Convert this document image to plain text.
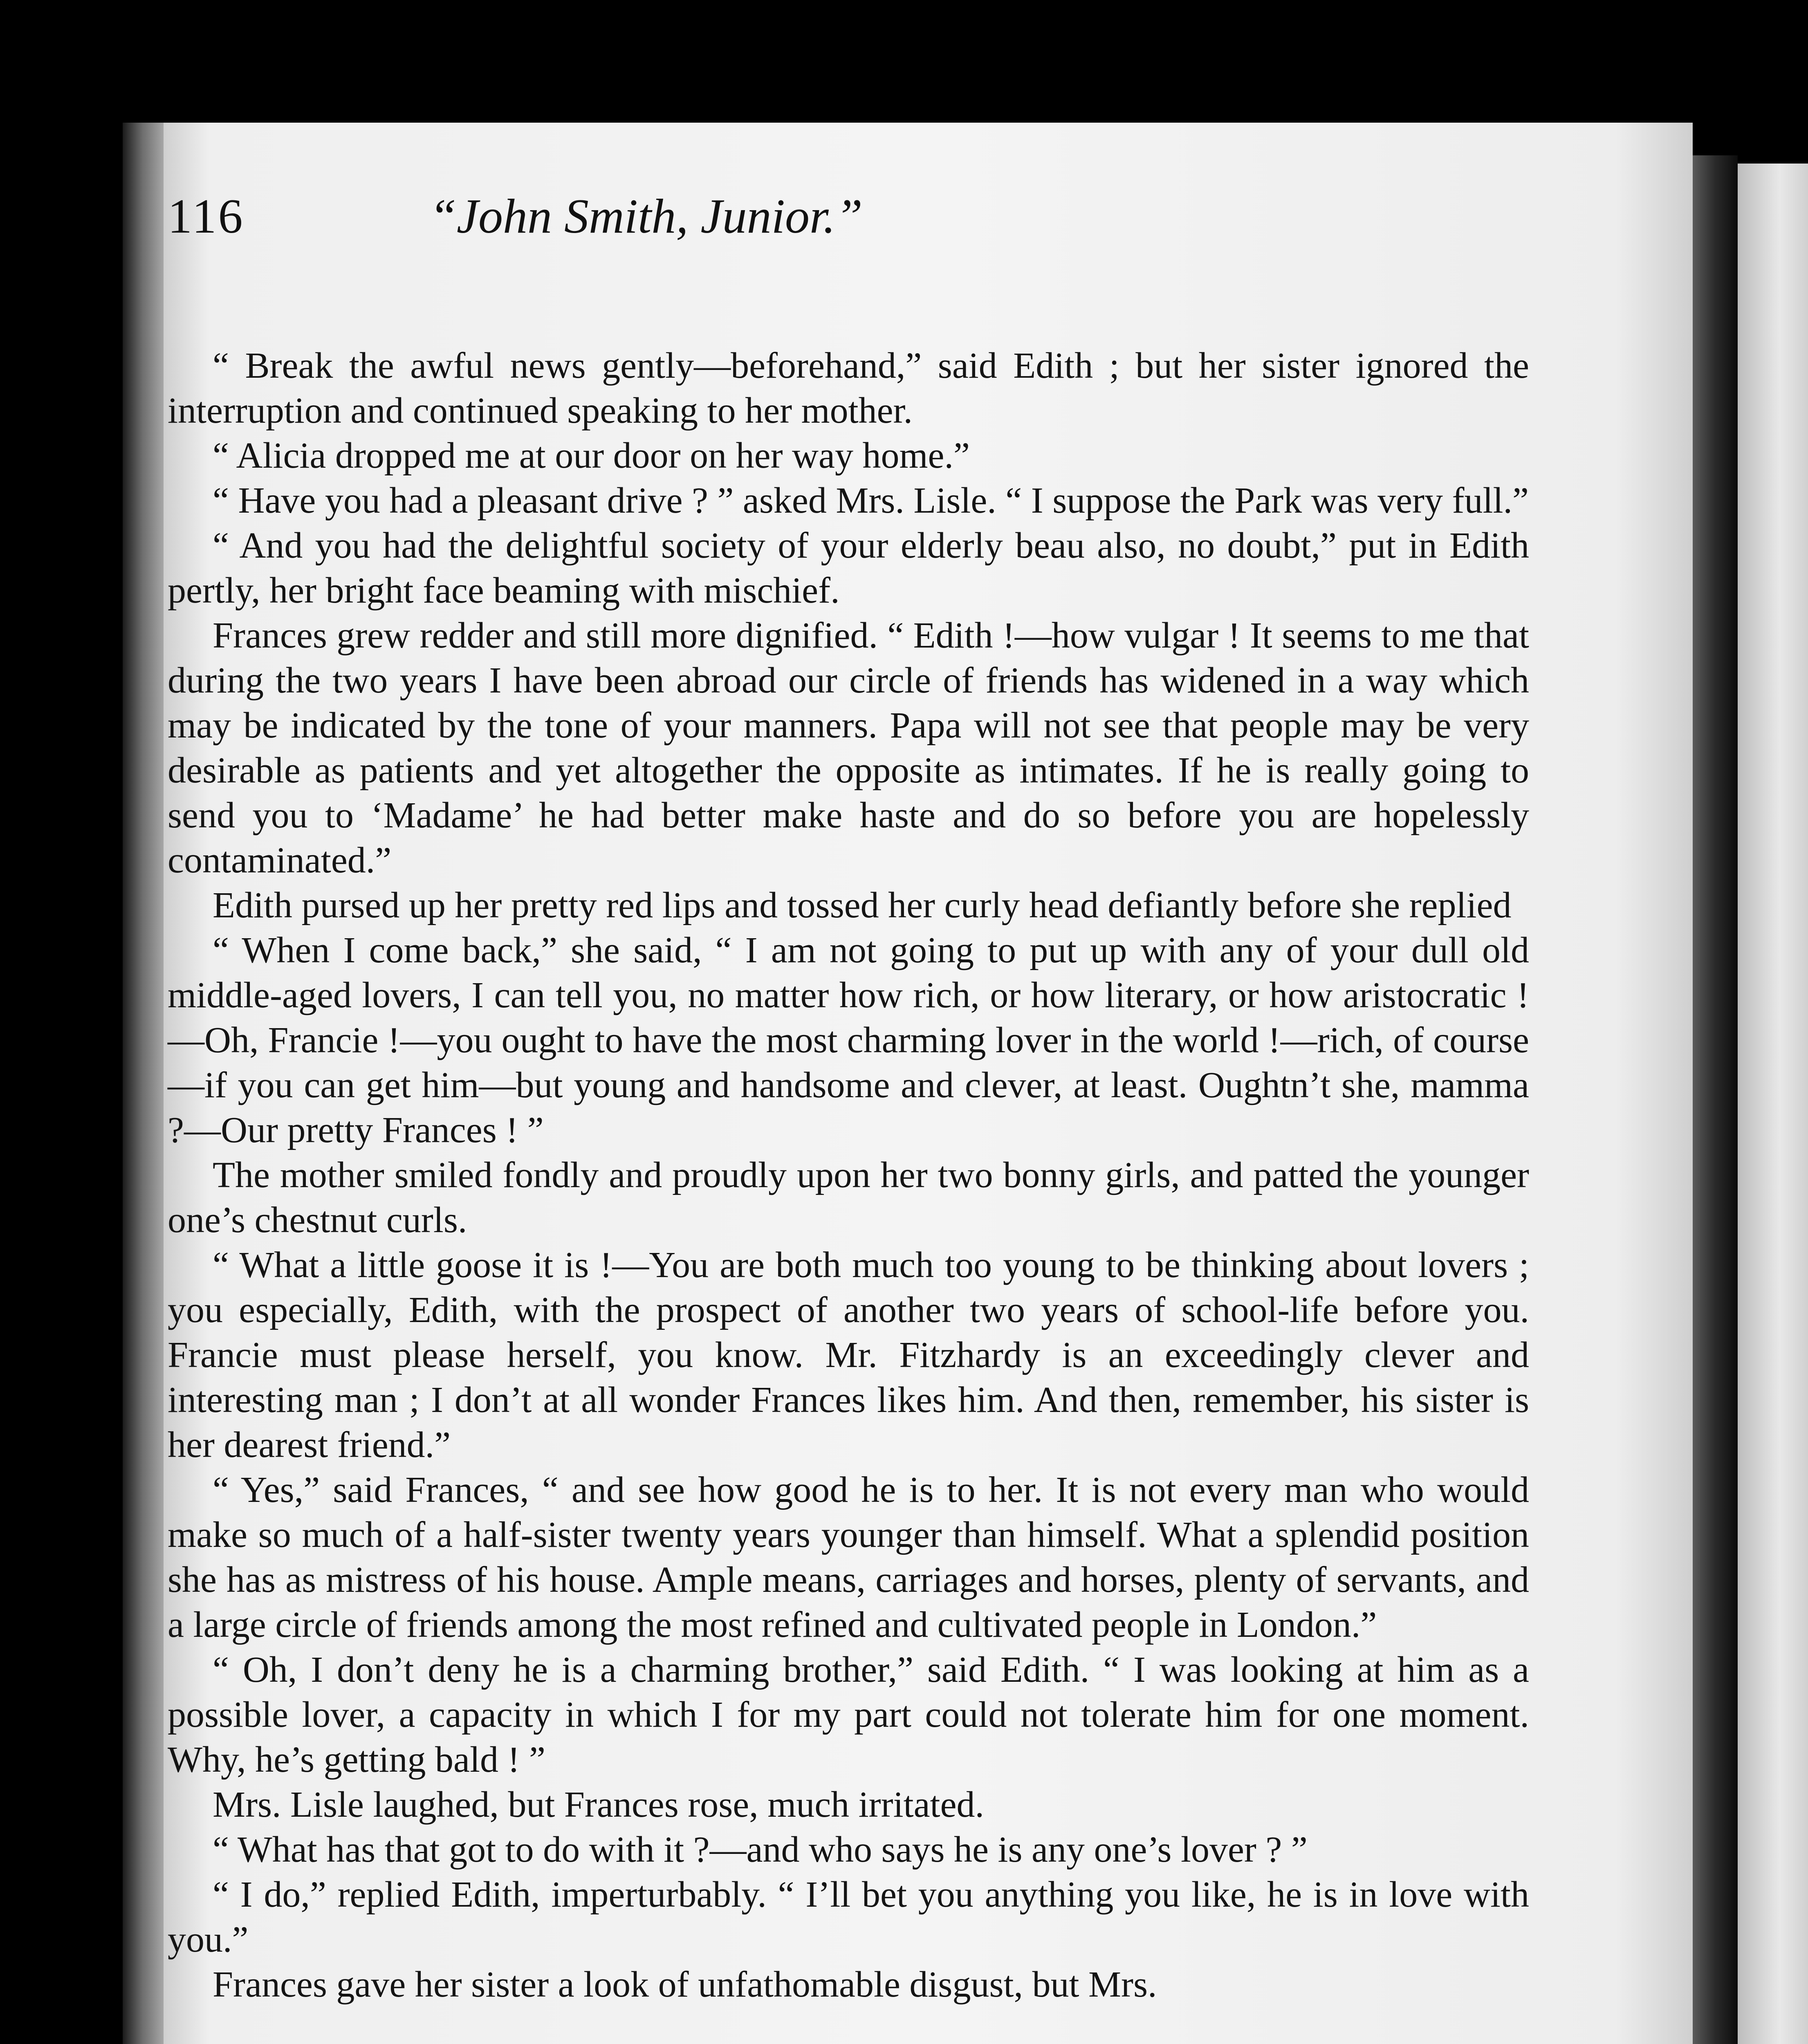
116	“John Smith, Junior.”

“ Break the awful news gently—beforehand,” said Edith ; but her sister ignored the interruption and continued speaking to her mother.

“ Alicia dropped me at our door on her way home.”

“ Have you had a pleasant drive ? ” asked Mrs. Lisle. “ I suppose the Park was very full.”

“ And you had the delightful society of your elderly beau also, no doubt,” put in Edith pertly, her bright face beaming with mischief.

Frances grew redder and still more dignified. “ Edith !—how vulgar ! It seems to me that during the two years I have been abroad our circle of friends has widened in a way which may be indicated by the tone of your manners. Papa will not see that people may be very desirable as patients and yet altogether the opposite as intimates. If he is really going to send you to ‘Madame’ he had better make haste and do so before you are hopelessly contaminated.”

Edith pursed up her pretty red lips and tossed her curly head defiantly before she replied

“ When I come back,” she said, “ I am not going to put up with any of your dull old middle-aged lovers, I can tell you, no matter how rich, or how literary, or how aristocratic !—Oh, Francie !—you ought to have the most charming lover in the world !—rich, of course—if you can get him—but young and handsome and clever, at least. Oughtn’t she, mamma ?—Our pretty Frances ! ”

The mother smiled fondly and proudly upon her two bonny girls, and patted the younger one’s chestnut curls.

“ What a little goose it is !—You are both much too young to be thinking about lovers ; you especially, Edith, with the prospect of another two years of school-life before you. Francie must please herself, you know. Mr. Fitzhardy is an exceedingly clever and interesting man ; I don’t at all wonder Frances likes him. And then, remember, his sister is her dearest friend.”

“ Yes,” said Frances, “ and see how good he is to her. It is not every man who would make so much of a half-sister twenty years younger than himself. What a splendid position she has as mistress of his house. Ample means, carriages and horses, plenty of servants, and a large circle of friends among the most refined and cultivated people in London.”

“ Oh, I don’t deny he is a charming brother,” said Edith. “ I was looking at him as a possible lover, a capacity in which I for my part could not tolerate him for one moment. Why, he’s getting bald ! ”

Mrs. Lisle laughed, but Frances rose, much irritated.

“ What has that got to do with it ?—and who says he is any one’s lover ? ”

“ I do,” replied Edith, imperturbably. “ I’ll bet you anything you like, he is in love with you.”

Frances gave her sister a look of unfathomable disgust, but Mrs.
